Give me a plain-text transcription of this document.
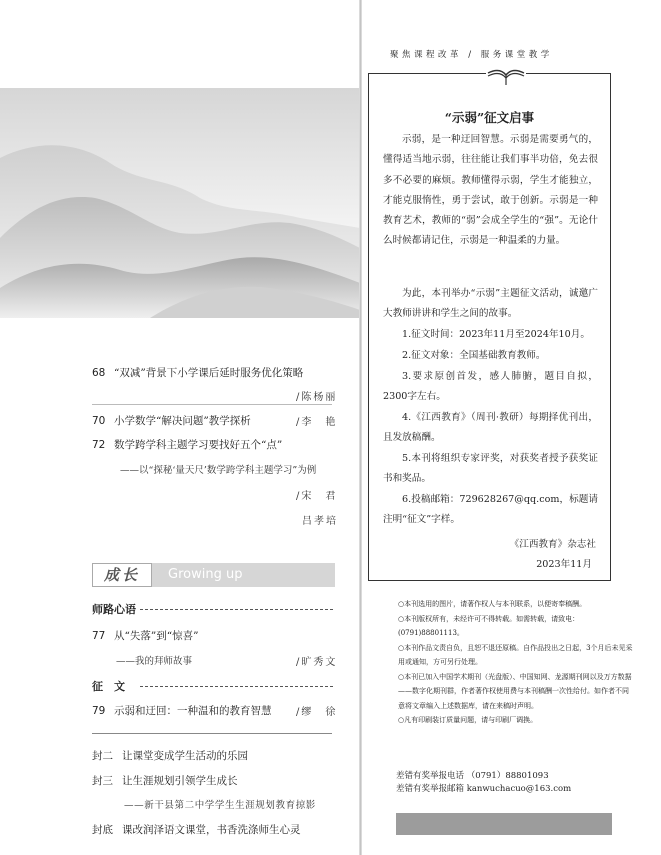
68 “双减”背景下小学课后延时服务优化策略
/陈杨丽
70 小学数学“解决问题”教学探析	/李　艳
72 数学跨学科主题学习要找好五个“点”
——以“探秘‘量天尺’数学跨学科主题学习”为例
/宋　君
吕孝培
成长	Growing up
师路心语
77 从“失落”到“惊喜”
——我的拜师故事	/旷秀文
征　文
79 示弱和迂回：一种温和的教育智慧 /缪　徐
封二 让课堂变成学生活动的乐园
封三 让生涯规划引领学生成长
——新干县第二中学学生生涯规划教育掠影
封底 课改润泽语文课堂，书香洗涤师生心灵
聚焦课程改革 / 服务课堂教学
“示弱”征文启事
示弱，是一种迂回智慧。示弱是需要勇气的，懂得适当地示弱，往往能让我们事半功倍，免去很多不必要的麻烦。教师懂得示弱，学生才能独立，才能克服惰性，勇于尝试，敢于创新。示弱是一种教育艺术，教师的“弱”会成全学生的“强”。无论什么时候都请记住，示弱是一种温柔的力量。
为此，本刊举办“示弱”主题征文活动，诚邀广大教师讲讲和学生之间的故事。
1.征文时间：2023年11月至2024年10月。
2.征文对象：全国基础教育教师。
3.要求原创首发，感人肺腑，题目自拟，2300字左右。
4.《江西教育》（周刊·教研）每期择优刊出，且发放稿酬。
5.本刊将组织专家评奖，对获奖者授予获奖证书和奖品。
6.投稿邮箱：729628267@qq.com，标题请注明“征文”字样。
《江西教育》杂志社
2023年11月

○本刊选用的图片，请著作权人与本刊联系，以便寄奉稿酬。

○本刊版权所有，未经许可不得转载。如需转载，请致电：(0791)88801113。

○本刊作品文责自负，且恕不退还原稿。自作品投出之日起，3个月后未见采用或通知，方可另行处理。

○本刊已加入中国学术期刊（光盘版）、中国知网、龙源期刊网以及万方数据——数字化期刊群，作者著作权使用费与本刊稿酬一次性给付。如作者不同意将文章编入上述数据库，请在来稿时声明。

○凡有印刷装订质量问题，请与印刷厂调换。

差错有奖举报电话 （0791）88801093
差错有奖举报邮箱 kanwuchacuo@163.com
